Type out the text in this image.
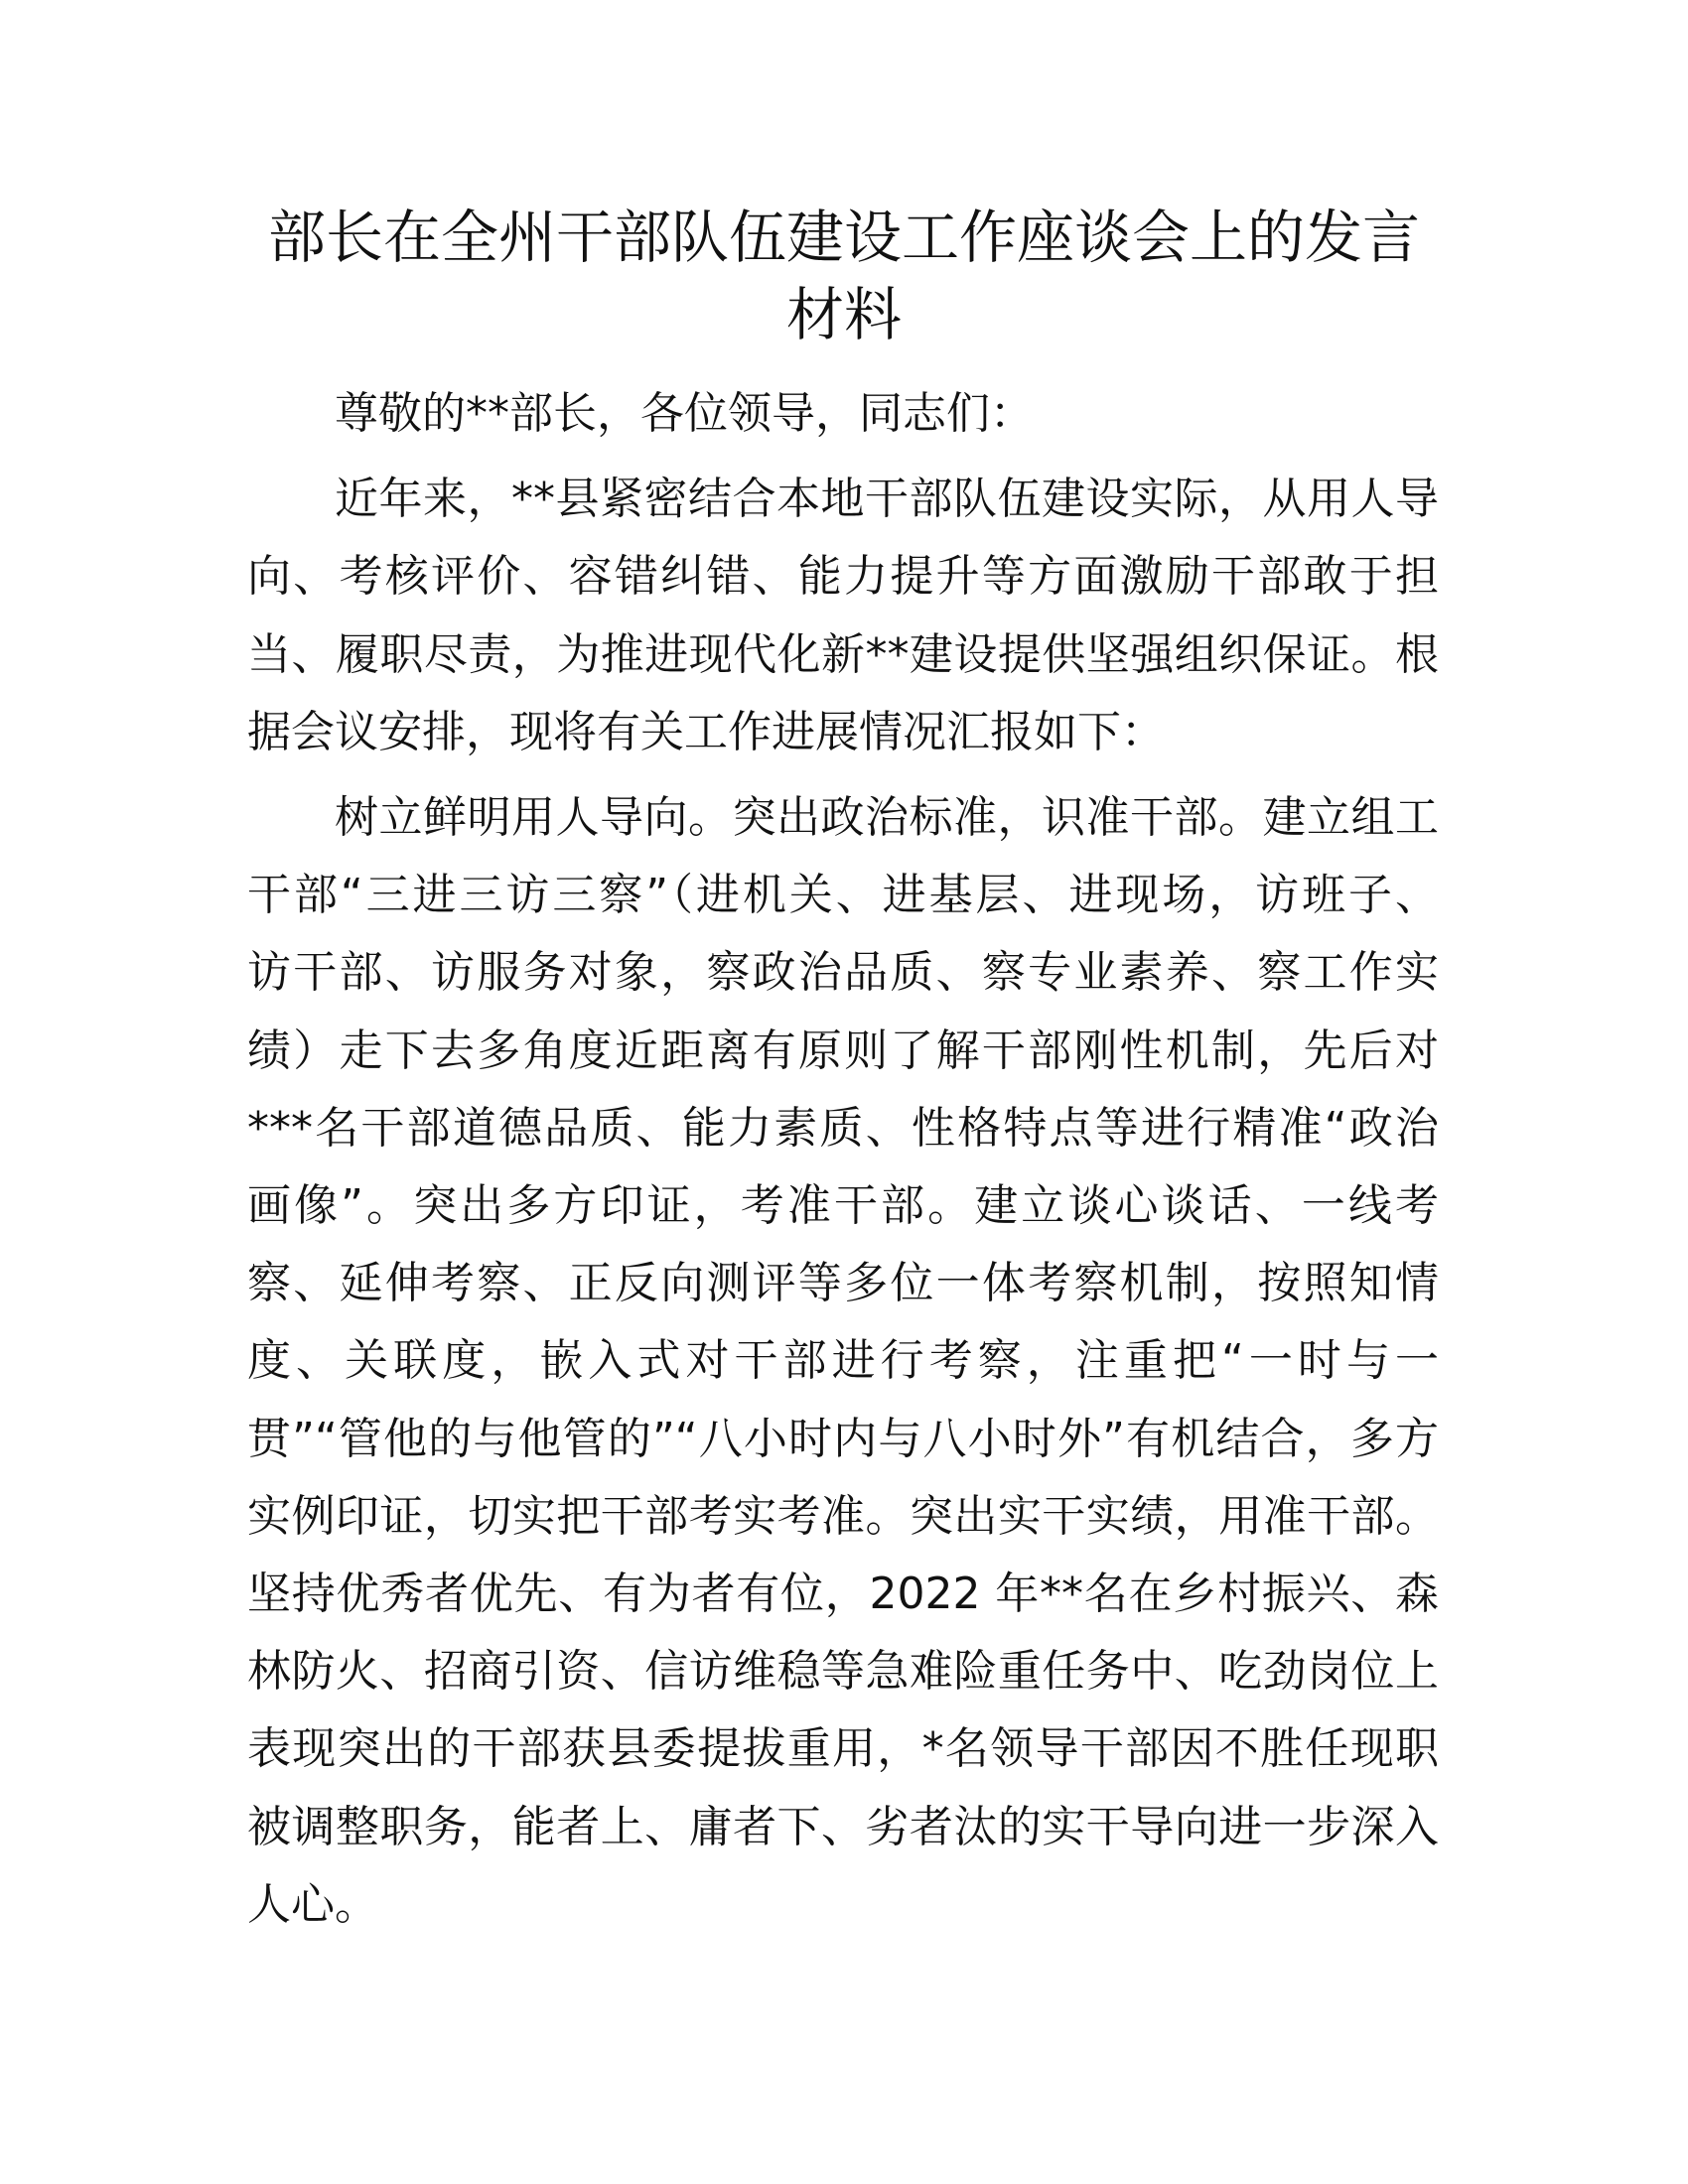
部长在全州干部队伍建设工作座谈会上的发言
材料

尊敬的**部长，各位领导，同志们：

近年来，**县紧密结合本地干部队伍建设实际，从用人导
向、考核评价、容错纠错、能力提升等方面激励干部敢于担
当、履职尽责，为推进现代化新**建设提供坚强组织保证。根
据会议安排，现将有关工作进展情况汇报如下：

树立鲜明用人导向。突出政治标准，识准干部。建立组工
干部“三进三访三察”（进机关、进基层、进现场，访班子、
访干部、访服务对象，察政治品质、察专业素养、察工作实
绩）走下去多角度近距离有原则了解干部刚性机制，先后对
***名干部道德品质、能力素质、性格特点等进行精准“政治
画像”。突出多方印证，考准干部。建立谈心谈话、一线考
察、延伸考察、正反向测评等多位一体考察机制，按照知情
度、关联度，嵌入式对干部进行考察，注重把“一时与一
贯”“管他的与他管的”“八小时内与八小时外”有机结合，多方
实例印证，切实把干部考实考准。突出实干实绩，用准干部。
坚持优秀者优先、有为者有位，2022 年**名在乡村振兴、森
林防火、招商引资、信访维稳等急难险重任务中、吃劲岗位上
表现突出的干部获县委提拔重用，*名领导干部因不胜任现职
被调整职务，能者上、庸者下、劣者汰的实干导向进一步深入
人心。
